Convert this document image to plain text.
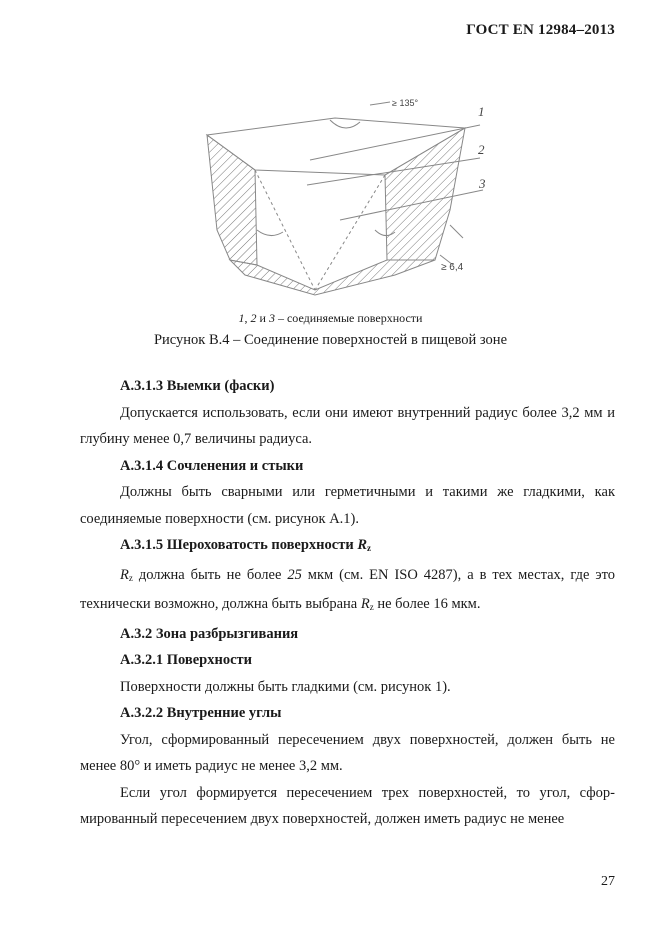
ГОСТ EN 12984–2013
≥ 135°
≥ 6,4
1
2
3
1, 2 и 3 – соединяемые поверхности
Рисунок В.4 – Соединение поверхностей в пищевой зоне

А.3.1.3 Выемки (фаски)

Допускается использовать, если они имеют внутренний радиус более 3,2 мм и глубину менее 0,7 величины радиуса.

А.3.1.4 Сочленения и стыки

Должны быть сварными или герметичными и такими же гладкими, как соединяемые поверхности (см. рисунок А.1).

А.3.1.5 Шероховатость поверхности $R_z$

$R_z$ должна быть не более 25 мкм (см. EN ISO 4287), а в тех местах, где это технически возможно, должна быть выбрана $R_z$ не более 16 мкм.

А.3.2 Зона разбрызгивания

А.3.2.1 Поверхности

Поверхности должны быть гладкими (см. рисунок 1).

А.3.2.2 Внутренние углы

Угол, сформированный пересечением двух поверхностей, должен быть не менее 80° и иметь радиус не менее 3,2 мм.

Если угол формируется пересечением трех поверхностей, то угол, сфор-мированный пересечением двух поверхностей, должен иметь радиус не менее

27
